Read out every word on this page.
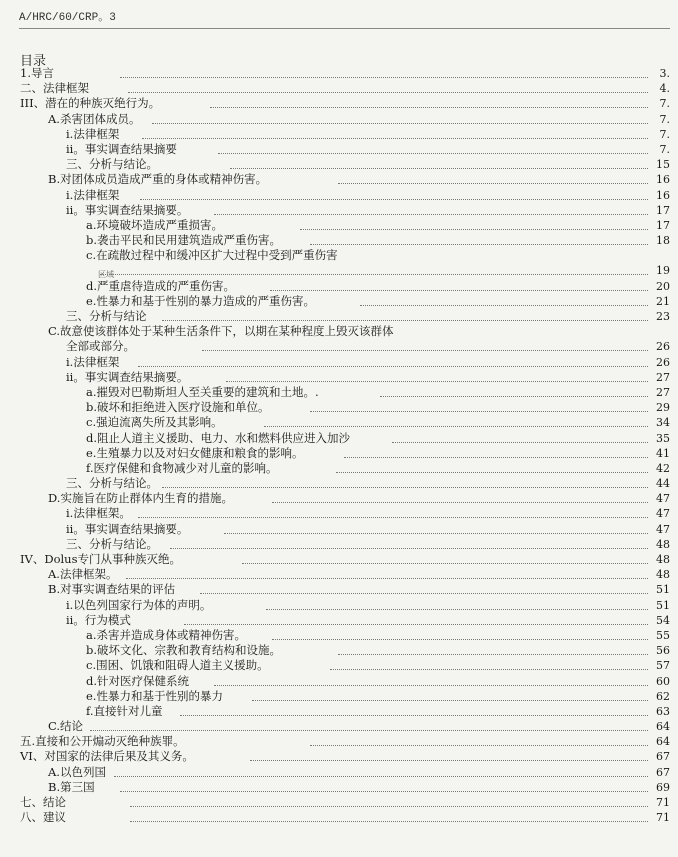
A/HRC/60/CRP。3
目录
1.导言	3.
二、法律框架	4.
III、潜在的种族灭绝行为。	7.
A.杀害团体成员。	7.
i.法律框架	7.
ii。事实调查结果摘要	7.
三、分析与结论。	15
B.对团体成员造成严重的身体或精神伤害。	16
i.法律框架	16
ii。事实调查结果摘要。	17
a.环境破坏造成严重损害。	17
b.袭击平民和民用建筑造成严重伤害。	18
c.在疏散过程中和缓冲区扩大过程中受到严重伤害
区域	19
d.严重虐待造成的严重伤害。	20
e.性暴力和基于性别的暴力造成的严重伤害。	21
三、分析与结论	23
C.故意使该群体处于某种生活条件下，以期在某种程度上毁灭该群体
全部或部分。	26
i.法律框架	26
ii。事实调查结果摘要。	27
a.摧毁对巴勒斯坦人至关重要的建筑和土地。.	27
b.破坏和拒绝进入医疗设施和单位。	29
c.强迫流离失所及其影响。	34
d.阻止人道主义援助、电力、水和燃料供应进入加沙	35
e.生殖暴力以及对妇女健康和粮食的影响。	41
f.医疗保健和食物减少对儿童的影响。	42
三、分析与结论。	44
D.实施旨在防止群体内生育的措施。	47
i.法律框架。	47
ii。事实调查结果摘要。	47
三、分析与结论。	48
IV、Dolus专门从事种族灭绝。	48
A.法律框架。	48
B.对事实调查结果的评估	51
i.以色列国家行为体的声明。	51
ii。行为模式	54
a.杀害并造成身体或精神伤害。	55
b.破坏文化、宗教和教育结构和设施。	56
c.围困、饥饿和阻碍人道主义援助。	57
d.针对医疗保健系统	60
e.性暴力和基于性别的暴力	62
f.直接针对儿童	63
C.结论	64
五.直接和公开煽动灭绝种族罪。	64
VI、对国家的法律后果及其义务。	67
A.以色列国	67
B.第三国	69
七、结论	71
八、建议	71
